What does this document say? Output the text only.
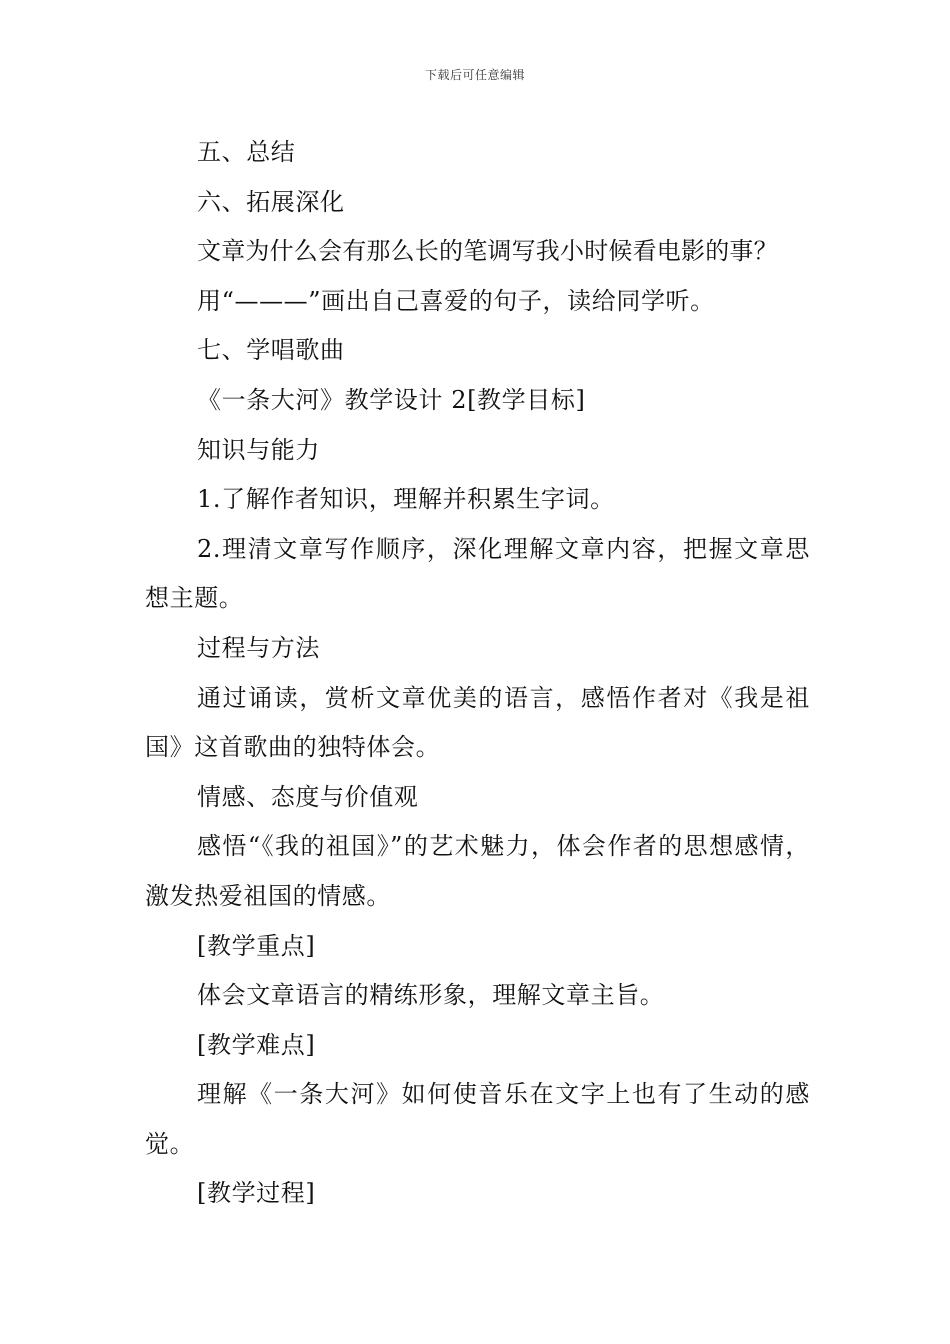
下载后可任意编辑

五、总结

六、拓展深化

文章为什么会有那么长的笔调写我小时候看电影的事？

用“———”画出自己喜爱的句子，读给同学听。

七、学唱歌曲

《一条大河》教学设计 2[教学目标]

知识与能力

1.了解作者知识，理解并积累生字词。

2.理清文章写作顺序，深化理解文章内容，把握文章思想主题。

过程与方法

通过诵读，赏析文章优美的语言，感悟作者对《我是祖国》这首歌曲的独特体会。

情感、态度与价值观

感悟“《我的祖国》”的艺术魅力，体会作者的思想感情，激发热爱祖国的情感。

[教学重点]

体会文章语言的精练形象，理解文章主旨。

[教学难点]

理解《一条大河》如何使音乐在文字上也有了生动的感觉。

[教学过程]
